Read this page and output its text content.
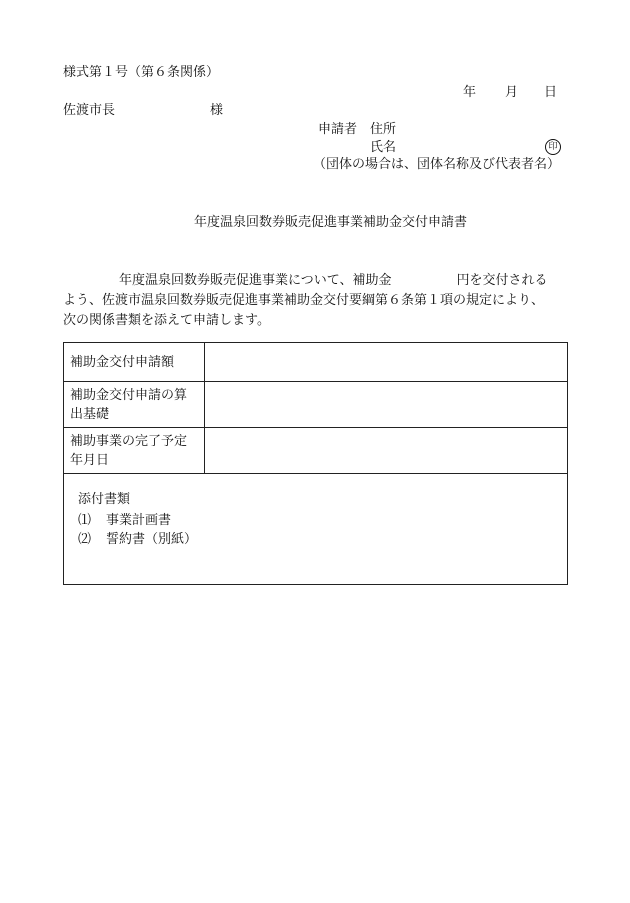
様式第１号（第６条関係）
年 月 日
佐渡市長	様
申請者 住所
氏名	印
（団体の場合は、団体名称及び代表者名）
年度温泉回数券販売促進事業補助金交付申請書
年度温泉回数券販売促進事業について、補助金　　　　　円を交付される
よう、佐渡市温泉回数券販売促進事業補助金交付要綱第６条第１項の規定により、
次の関係書類を添えて申請します。
補助金交付申請額	
補助金交付申請の算出基礎	
補助事業の完了予定年月日	

添付書類
⑴ 事業計画書
⑵ 誓約書（別紙）	
